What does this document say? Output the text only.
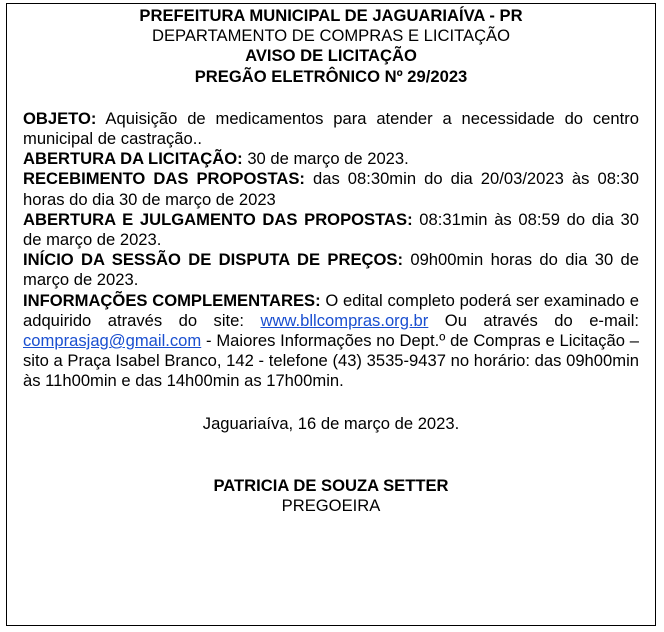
PREFEITURA MUNICIPAL DE JAGUARIAÍVA - PR
DEPARTAMENTO DE COMPRAS E LICITAÇÃO
AVISO DE LICITAÇÃO
PREGÃO ELETRÔNICO Nº 29/2023
OBJETO: Aquisição de medicamentos para atender a necessidade do centro municipal de castração..
ABERTURA DA LICITAÇÃO: 30 de março de 2023.
RECEBIMENTO DAS PROPOSTAS: das 08:30min do dia 20/03/2023 às 08:30 horas do dia 30 de março de 2023
ABERTURA E JULGAMENTO DAS PROPOSTAS: 08:31min às 08:59 do dia 30 de março de 2023.
INÍCIO DA SESSÃO DE DISPUTA DE PREÇOS: 09h00min horas do dia 30 de março de 2023.
INFORMAÇÕES COMPLEMENTARES: O edital completo poderá ser examinado e adquirido através do site: www.bllcompras.org.br Ou através do e-mail: comprasjag@gmail.com - Maiores Informações no Dept.º de Compras e Licitação – sito a Praça Isabel Branco, 142 - telefone (43) 3535-9437 no horário: das 09h00min às 11h00min e das 14h00min as 17h00min.
Jaguariaíva, 16 de março de 2023.
PATRICIA DE SOUZA SETTER
PREGOEIRA
